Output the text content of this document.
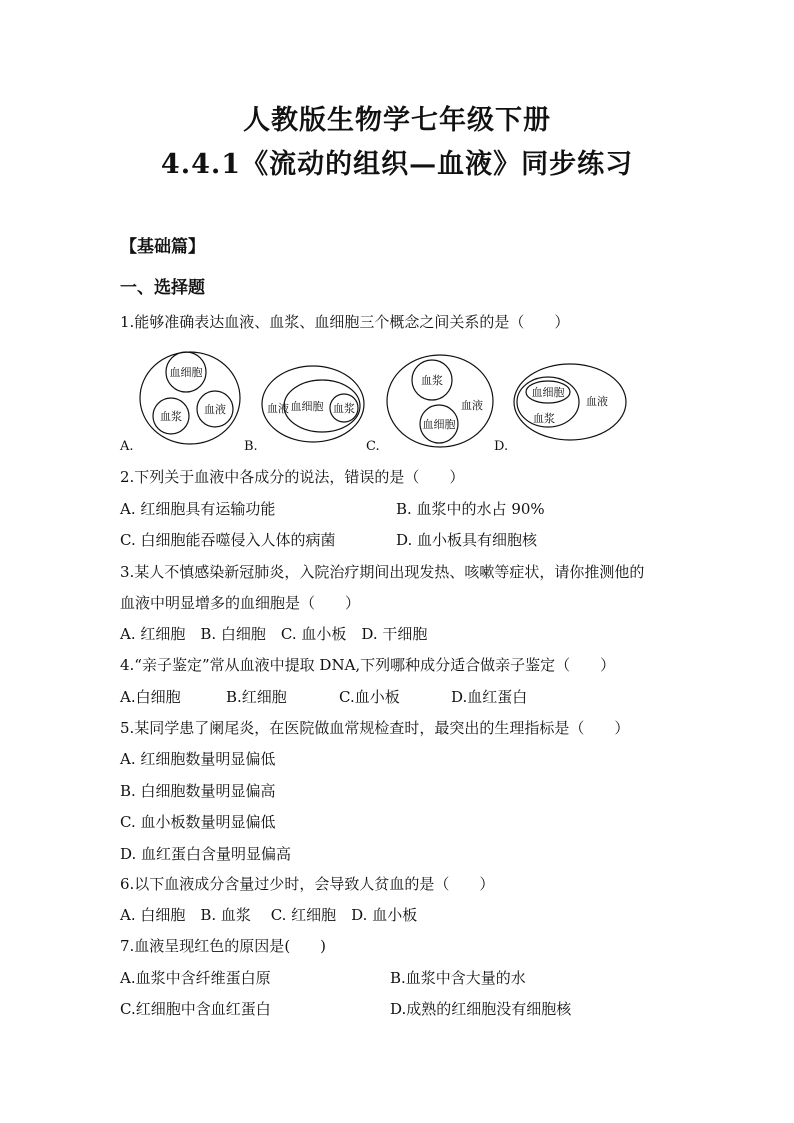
人教版生物学七年级下册
4.4.1《流动的组织—血液》同步练习
【基础篇】
一、选择题
1.能够准确表达血液、血浆、血细胞三个概念之间关系的是（　　）
血细胞
血浆
血液
A.
血液 血细胞 血浆
B.
血浆
血液
血细胞
C.
血细胞
血浆
血液
D.
2.下列关于血液中各成分的说法，错误的是（　　）
A. 红细胞具有运输功能	B. 血浆中的水占 90%
C. 白细胞能吞噬侵入人体的病菌	D. 血小板具有细胞核
3.某人不慎感染新冠肺炎，入院治疗期间出现发热、咳嗽等症状，请你推测他的
血液中明显增多的血细胞是（　　）
A. 红细胞　B. 白细胞　C. 血小板　D. 干细胞
4.“亲子鉴定”常从血液中提取 DNA,下列哪种成分适合做亲子鉴定（　　）
A.白细胞	B.红细胞	C.血小板	D.血红蛋白
5.某同学患了阑尾炎，在医院做血常规检查时，最突出的生理指标是（　　）
A. 红细胞数量明显偏低
B. 白细胞数量明显偏高
C. 血小板数量明显偏低
D. 血红蛋白含量明显偏高
6.以下血液成分含量过少时，会导致人贫血的是（　　）
A. 白细胞　B. 血浆　 C. 红细胞　D. 血小板
7.血液呈现红色的原因是(　　)
A.血浆中含纤维蛋白原	B.血浆中含大量的水
C.红细胞中含血红蛋白	D.成熟的红细胞没有细胞核
